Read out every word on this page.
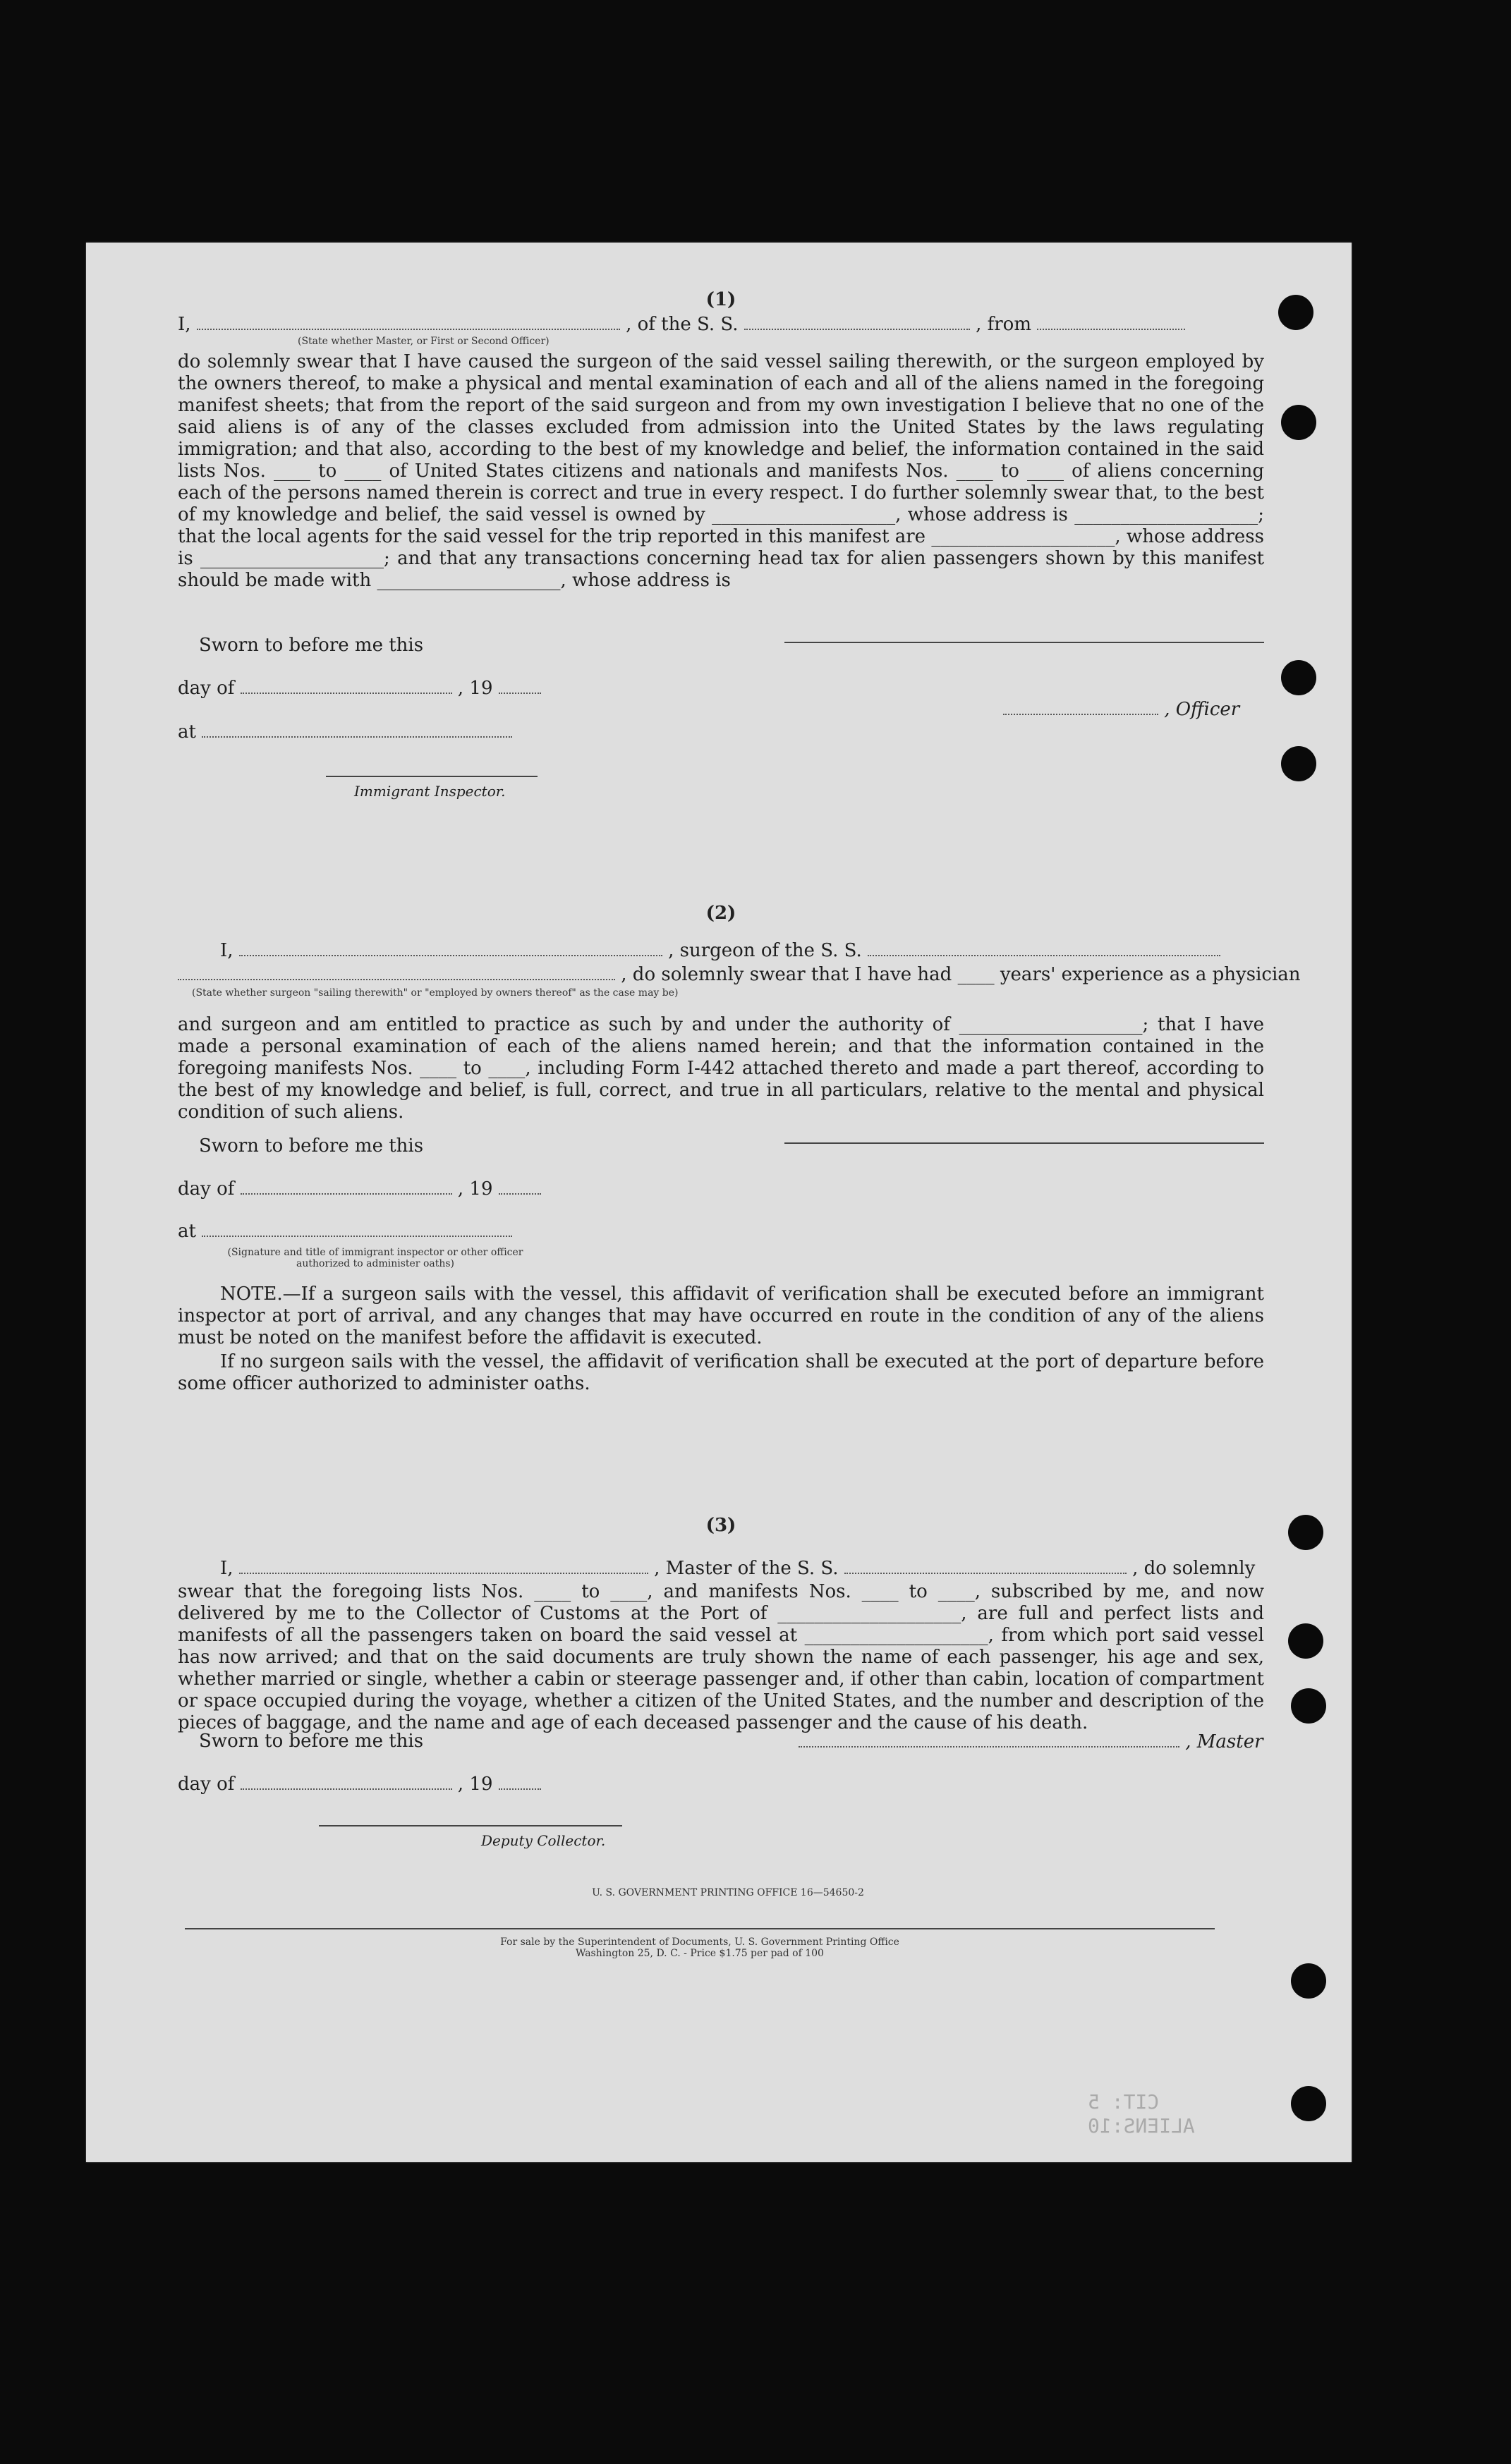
CIT: 5
ALIENS:10
(1)
I,	, of the S. S.	, from
(State whether Master, or First or Second Officer)
do solemnly swear that I have caused the surgeon of the said vessel sailing therewith, or the surgeon employed by the owners thereof, to make a physical and mental examination of each and all of the aliens named in the foregoing manifest sheets; that from the report of the said surgeon and from my own investigation I believe that no one of the said aliens is of any of the classes excluded from admission into the United States by the laws regulating immigration; and that also, according to the best of my knowledge and belief, the information contained in the said lists Nos. ____ to ____ of United States citizens and nationals and manifests Nos. ____ to ____ of aliens concerning each of the persons named therein is correct and true in every respect. I do further solemnly swear that, to the best of my knowledge and belief, the said vessel is owned by ____________________, whose address is ____________________; that the local agents for the said vessel for the trip reported in this manifest are ____________________, whose address is ____________________; and that any transactions concerning head tax for alien passengers shown by this manifest should be made with ____________________, whose address is
Sworn to before me this
day of	, 19
, Officer
at
Immigrant Inspector.
(2)
I,	, surgeon of the S. S.
, do solemnly swear that I have had ____ years' experience as a physician
(State whether surgeon "sailing therewith" or "employed by owners thereof" as the case may be)
and surgeon and am entitled to practice as such by and under the authority of ____________________; that I have made a personal examination of each of the aliens named herein; and that the information contained in the foregoing manifests Nos. ____ to ____, including Form I-442 attached thereto and made a part thereof, according to the best of my knowledge and belief, is full, correct, and true in all particulars, relative to the mental and physical condition of such aliens.
Sworn to before me this
day of	, 19
at
(Signature and title of immigrant inspector or other officer authorized to administer oaths)
NOTE.—If a surgeon sails with the vessel, this affidavit of verification shall be executed before an immigrant inspector at port of arrival, and any changes that may have occurred en route in the condition of any of the aliens must be noted on the manifest before the affidavit is executed.
If no surgeon sails with the vessel, the affidavit of verification shall be executed at the port of departure before some officer authorized to administer oaths.
(3)
I,	, Master of the S. S.	, do solemnly
swear that the foregoing lists Nos. ____ to ____, and manifests Nos. ____ to ____, subscribed by me, and now delivered by me to the Collector of Customs at the Port of ____________________, are full and perfect lists and manifests of all the passengers taken on board the said vessel at ____________________, from which port said vessel has now arrived; and that on the said documents are truly shown the name of each passenger, his age and sex, whether married or single, whether a cabin or steerage passenger and, if other than cabin, location of compartment or space occupied during the voyage, whether a citizen of the United States, and the number and description of the pieces of baggage, and the name and age of each deceased passenger and the cause of his death.
Sworn to before me this	, Master
day of	, 19
Deputy Collector.
U. S. GOVERNMENT PRINTING OFFICE 16—54650-2
For sale by the Superintendent of Documents, U. S. Government Printing Office
Washington 25, D. C. - Price $1.75 per pad of 100
